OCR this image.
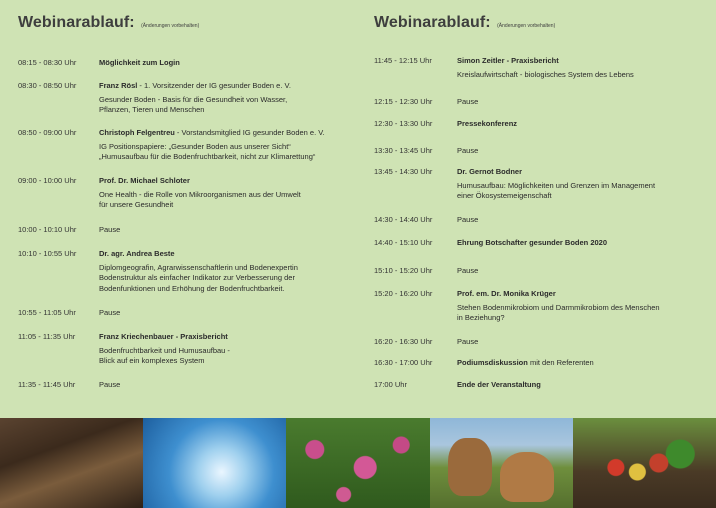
Webinarablauf: (Änderungen vorbehalten)
08:15 - 08:30 Uhr	Möglichkeit zum Login

08:30 - 08:50 Uhr	Franz Rösl - 1. Vorsitzender der IG gesunder Boden e. V.

Gesunder Boden - Basis für die Gesundheit von Wasser,

Pflanzen, Tieren und Menschen

08:50 - 09:00 Uhr	Christoph Felgentreu - Vorstandsmitglied IG gesunder Boden e. V.

IG Positionspapiere: „Gesunder Boden aus unserer Sicht“

„Humusaufbau für die Bodenfruchtbarkeit, nicht zur Klimarettung“

09:00 - 10:00 Uhr	Prof. Dr. Michael Schloter

One Health - die Rolle von Mikroorganismen aus der Umwelt

für unsere Gesundheit

10:00 - 10:10 Uhr	Pause

10:10 - 10:55 Uhr	Dr. agr. Andrea Beste

Diplomgeografin, Agrarwissenschaftlerin und Bodenexpertin

Bodenstruktur als einfacher Indikator zur Verbesserung der

Bodenfunktionen und Erhöhung der Bodenfruchtbarkeit.

10:55 - 11:05 Uhr	Pause

11:05 - 11:35 Uhr	Franz Kriechenbauer - Praxisbericht

Bodenfruchtbarkeit und Humusaufbau -

Blick auf ein komplexes System

11:35 - 11:45 Uhr	Pause

Webinarablauf: (Änderungen vorbehalten)
11:45 - 12:15 Uhr	Simon Zeitler - Praxisbericht

Kreislaufwirtschaft - biologisches System des Lebens

12:15 - 12:30 Uhr	Pause

12:30 - 13:30 Uhr	Pressekonferenz

13:30 - 13:45 Uhr	Pause

13:45 - 14:30 Uhr	Dr. Gernot Bodner

Humusaufbau: Möglichkeiten und Grenzen im Management

einer Ökosystemeigenschaft

14:30 - 14:40 Uhr	Pause

14:40 - 15:10 Uhr	Ehrung Botschafter gesunder Boden 2020

15:10 - 15:20 Uhr	Pause

15:20 - 16:20 Uhr	Prof. em. Dr. Monika Krüger

Stehen Bodenmikrobiom und Darmmikrobiom des Menschen

in Beziehung?

16:20 - 16:30 Uhr	Pause

16:30 - 17:00 Uhr	Podiumsdiskussion mit den Referenten

17:00 Uhr	Ende der Veranstaltung
